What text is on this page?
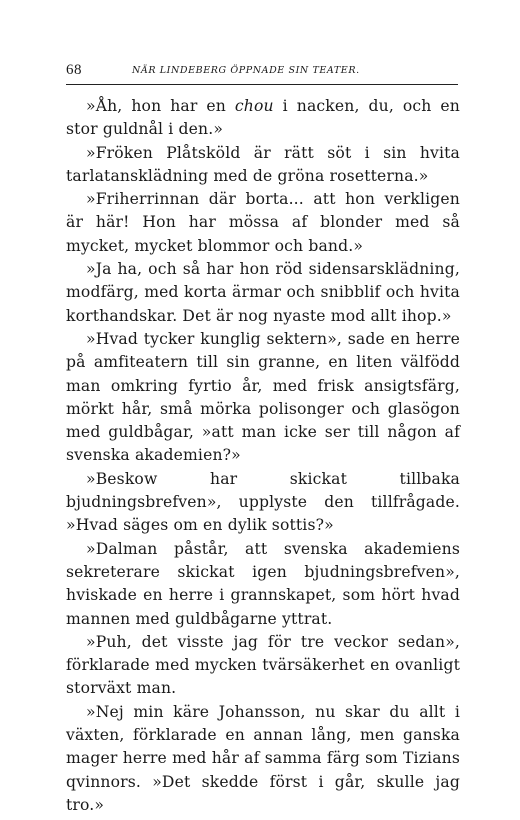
68	NÄR LINDEBERG ÖPPNADE SIN TEATER.

»Åh, hon har en chou i nacken, du, och en stor guldnål i den.»

»Fröken Plåtsköld är rätt söt i sin hvita tarlatansklädning med de gröna rosetterna.»

»Friherrinnan där borta... att hon verkligen är här! Hon har mössa af blonder med så mycket, mycket blommor och band.»

»Ja ha, och så har hon röd sidensarsklädning, modfärg, med korta ärmar och snibblif och hvita korthandskar. Det är nog nyaste mod allt ihop.»

»Hvad tycker kunglig sektern», sade en herre på amfiteatern till sin granne, en liten välfödd man omkring fyrtio år, med frisk ansigtsfärg, mörkt hår, små mörka polisonger och glasögon med guldbågar, »att man icke ser till någon af svenska akademien?»

»Beskow har skickat tillbaka bjudningsbrefven», upplyste den tillfrågade. »Hvad säges om en dylik sottis?»

»Dalman påstår, att svenska akademiens sekreterare skickat igen bjudningsbrefven», hviskade en herre i grannskapet, som hört hvad mannen med guldbågarne yttrat.

»Puh, det visste jag för tre veckor sedan», förklarade med mycken tvärsäkerhet en ovanligt storväxt man.

»Nej min käre Johansson, nu skar du allt i växten, förklarade en annan lång, men ganska mager herre med hår af samma färg som Tizians qvinnors. »Det skedde först i går, skulle jag tro.»
